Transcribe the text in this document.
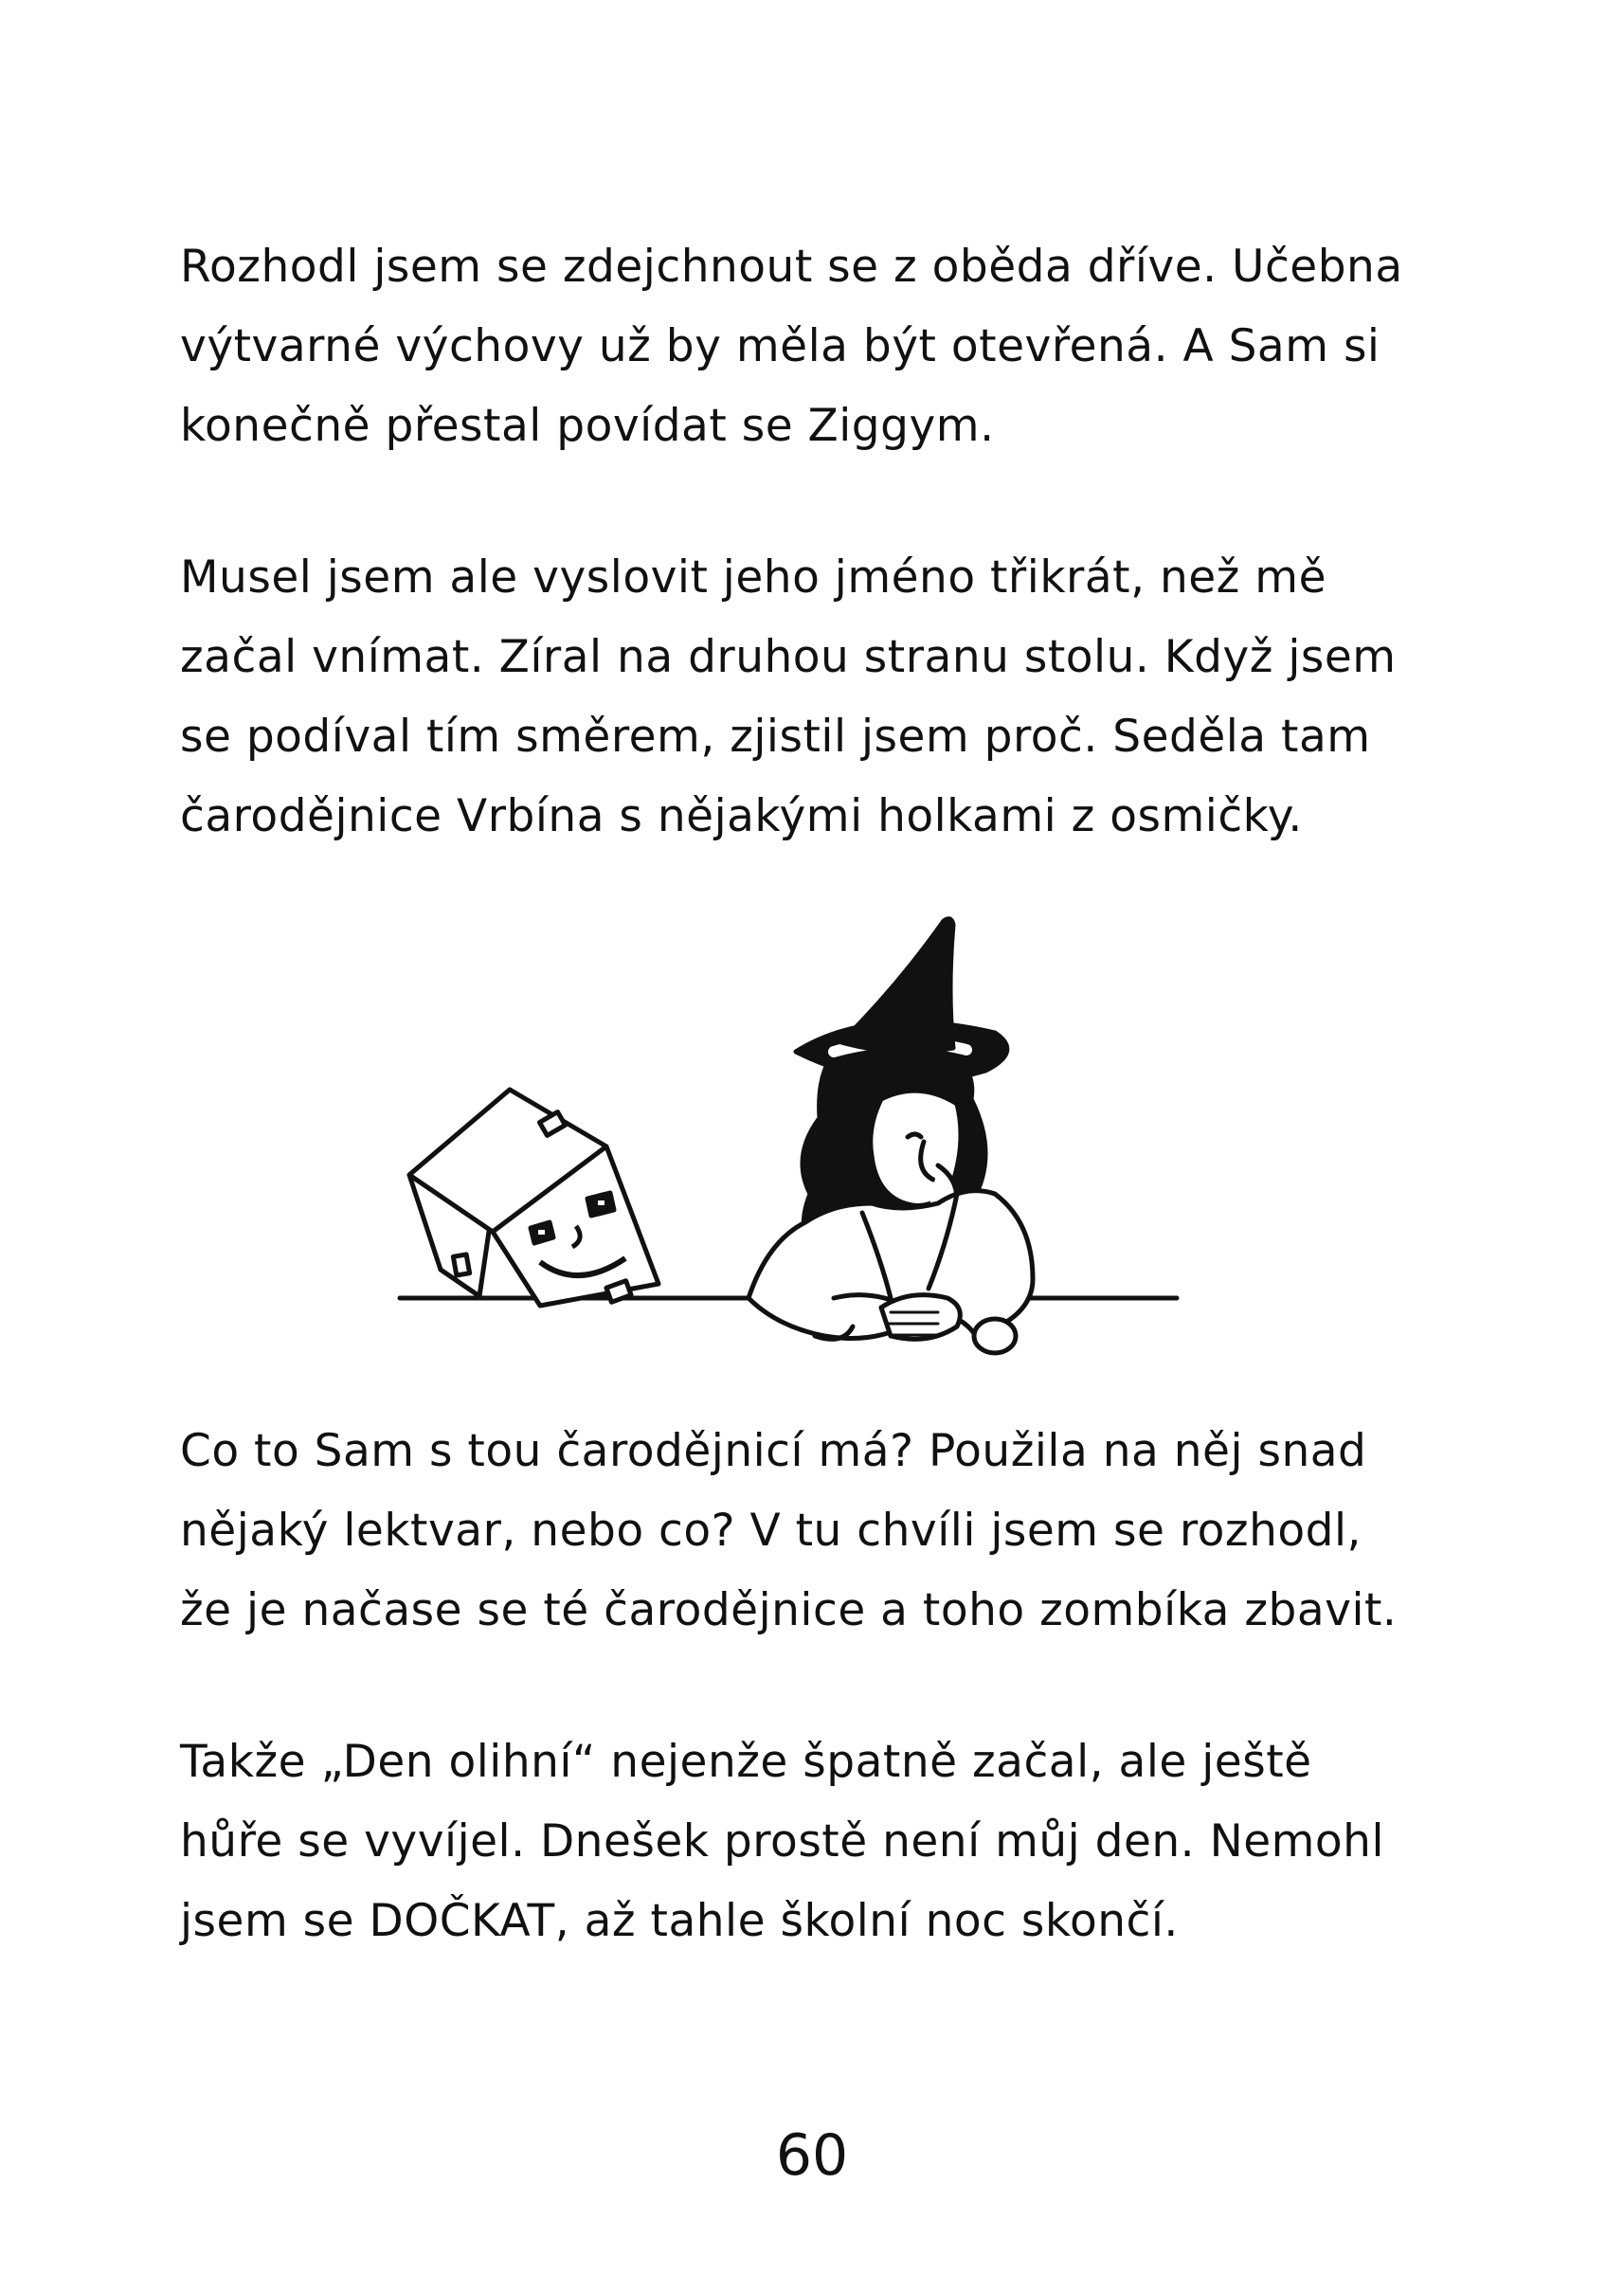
Rozhodl jsem se zdejchnout se z oběda dříve. Učebna
výtvarné výchovy už by měla být otevřená. A Sam si
konečně přestal povídat se Ziggym.

Musel jsem ale vyslovit jeho jméno třikrát, než mě
začal vnímat. Zíral na druhou stranu stolu. Když jsem
se podíval tím směrem, zjistil jsem proč. Seděla tam
čarodějnice Vrbína s nějakými holkami z osmičky.

Co to Sam s tou čarodějnicí má? Použila na něj snad
nějaký lektvar, nebo co? V tu chvíli jsem se rozhodl,
že je načase se té čarodějnice a toho zombíka zbavit.

Takže „Den olihní“ nejenže špatně začal, ale ještě
hůře se vyvíjel. Dnešek prostě není můj den. Nemohl
jsem se DOČKAT, až tahle školní noc skončí.

60
